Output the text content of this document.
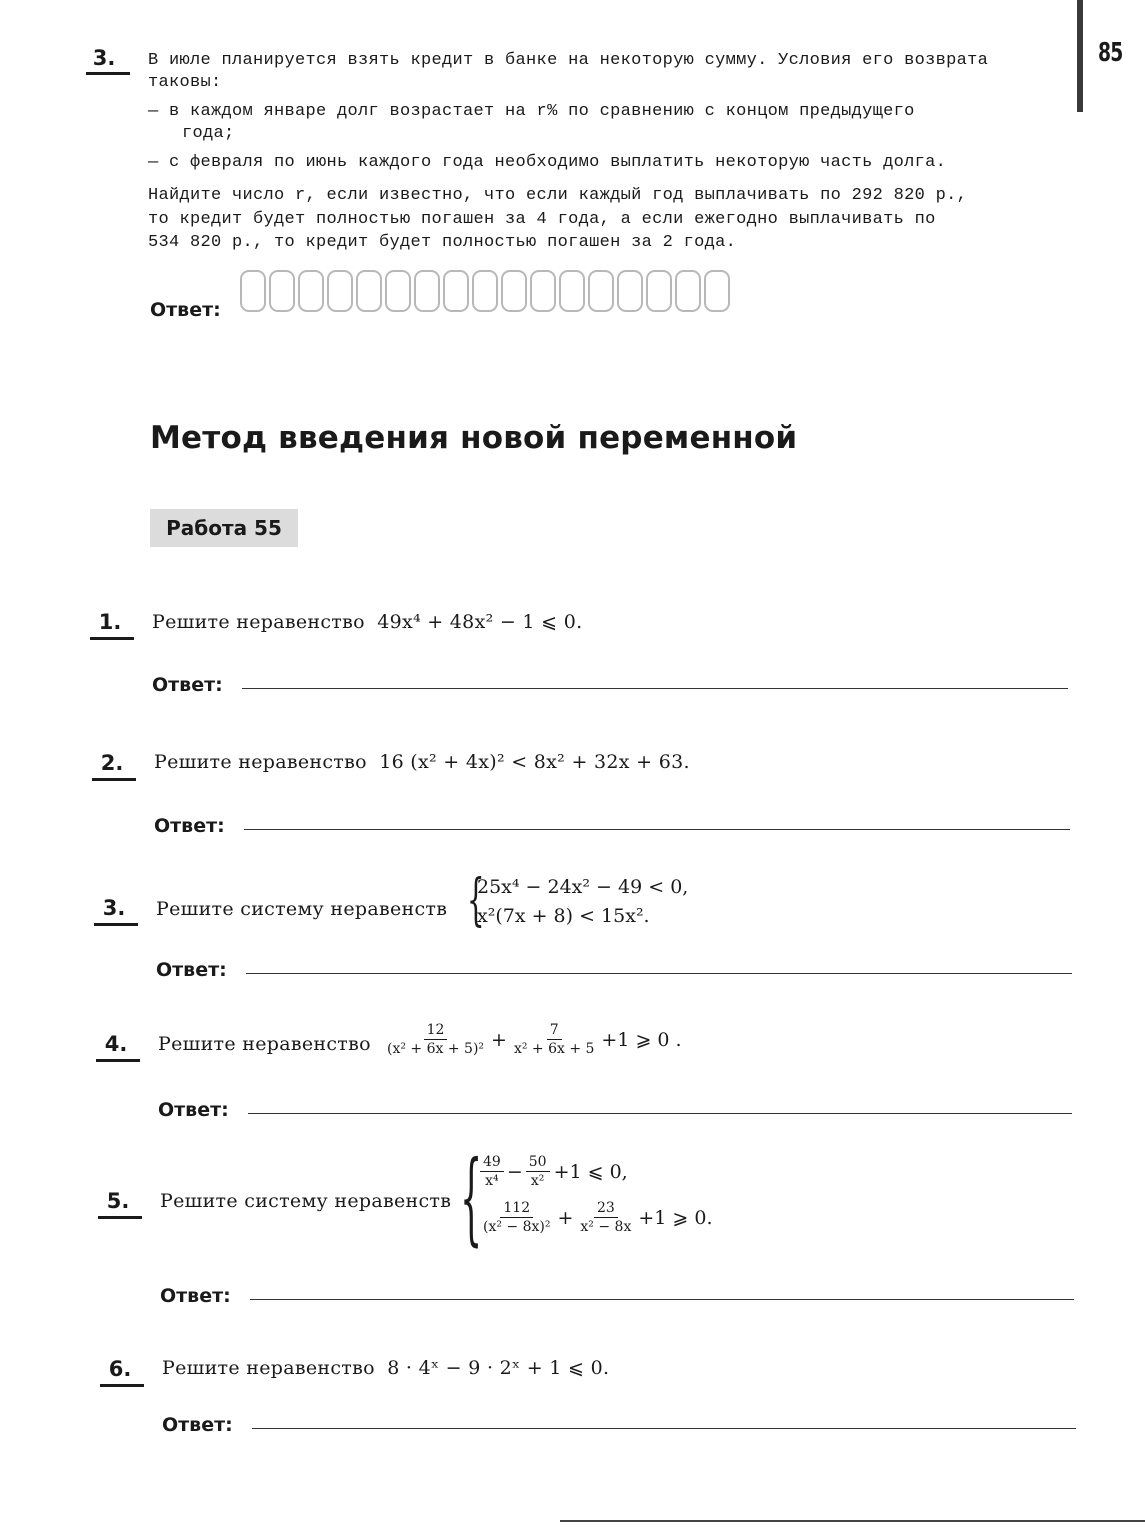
85
3.	В июле планируется взять кредит в банке на некоторую сумму. Условия его возврата
таковы:
— в каждом январе долг возрастает на r% по сравнению с концом предыдущего
года;
— с февраля по июнь каждого года необходимо выплатить некоторую часть долга.
Найдите число r, если известно, что если каждый год выплачивать по 292 820 р.,
то кредит будет полностью погашен за 4 года, а если ежегодно выплачивать по
534 820 р., то кредит будет полностью погашен за 2 года.
Ответ:
Метод введения новой переменной
Работа 55
1.	Решите неравенство 49x⁴ + 48x² − 1 ⩽ 0.
Ответ:
2.	Решите неравенство 16 (x² + 4x)² < 8x² + 32x + 63.
Ответ:
3.	Решите систему неравенств {
25x⁴ − 24x² − 49 < 0,
x²(7x + 8) < 15x².
Ответ:
4.	Решите неравенство $\frac{12}{\text{(x² + 6x + 5)²}} + \frac{7}{\text{x² + 6x + 5}} +1$ ⩾ 0 .
Ответ:
5.	Решите систему неравенств {
$\frac{49}{\text{x⁴}} - \frac{50}{\text{x²}} +1$ ⩽ 0,
$\frac{112}{\text{(x² − 8x)²}} + \frac{23}{\text{x² − 8x}} +1$ ⩾ 0.
Ответ:
6.	Решите неравенство 8 · 4ˣ − 9 · 2ˣ + 1 ⩽ 0.
Ответ:
